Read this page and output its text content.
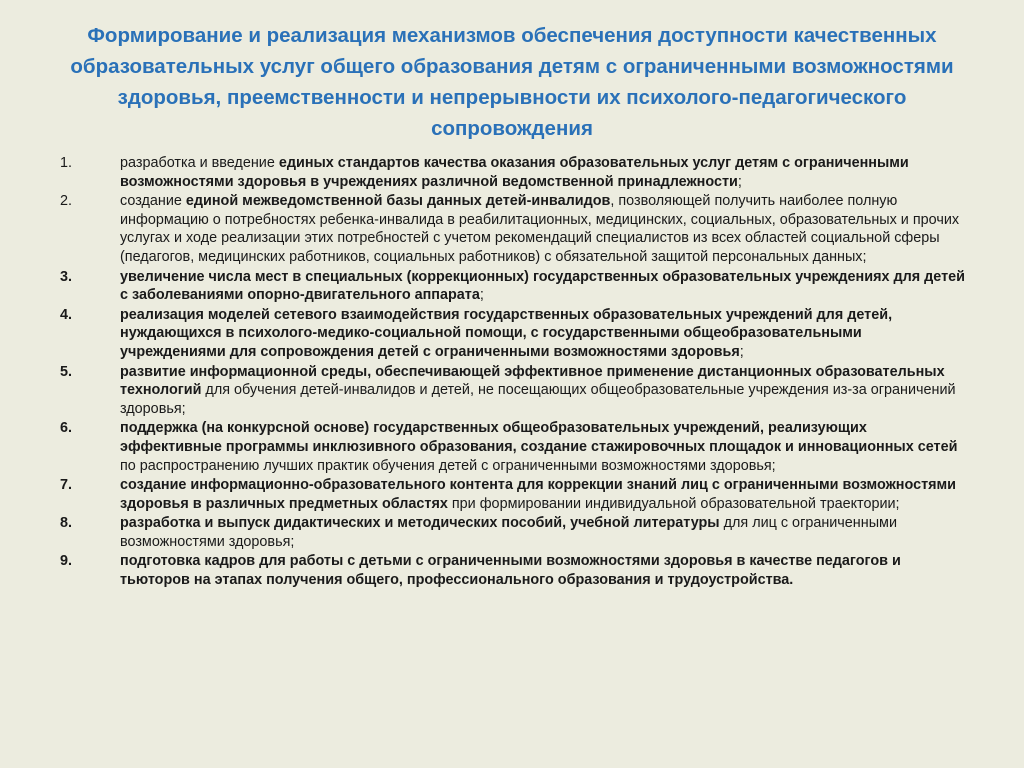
Формирование и реализация механизмов обеспечения доступности качественных образовательных услуг общего образования детям с ограниченными возможностями здоровья, преемственности и непрерывности их психолого-педагогического сопровождения
1.	разработка и введение единых стандартов качества оказания образовательных услуг детям с ограниченными возможностями здоровья в учреждениях различной ведомственной принадлежности;
2.	создание единой межведомственной базы данных детей-инвалидов, позволяющей получить наиболее полную информацию о потребностях ребенка-инвалида в реабилитационных, медицинских, социальных, образовательных и прочих услугах и ходе реализации этих потребностей с учетом рекомендаций специалистов из всех областей социальной сферы (педагогов, медицинских работников, социальных работников) с обязательной защитой персональных данных;
3.	увеличение числа мест в специальных (коррекционных) государственных образовательных учреждениях для детей с заболеваниями опорно-двигательного аппарата;
4.	реализация моделей сетевого взаимодействия государственных образовательных учреждений для детей, нуждающихся в психолого-медико-социальной помощи, с государственными общеобразовательными учреждениями для сопровождения детей с ограниченными возможностями здоровья;
5.	развитие информационной среды, обеспечивающей эффективное применение дистанционных образовательных технологий для обучения детей-инвалидов и детей, не посещающих общеобразовательные учреждения из-за ограничений здоровья;
6.	поддержка (на конкурсной основе) государственных общеобразовательных учреждений, реализующих эффективные программы инклюзивного образования, создание стажировочных площадок и инновационных сетей по распространению лучших практик обучения детей с ограниченными возможностями здоровья;
7.	создание информационно-образовательного контента для коррекции знаний лиц с ограниченными возможностями здоровья в различных предметных областях при формировании индивидуальной образовательной траектории;
8.	разработка и выпуск дидактических и методических пособий, учебной литературы для лиц с ограниченными возможностями здоровья;
9.	подготовка кадров для работы с детьми с ограниченными возможностями здоровья в качестве педагогов и тьюторов на этапах получения общего, профессионального образования и трудоустройства.
